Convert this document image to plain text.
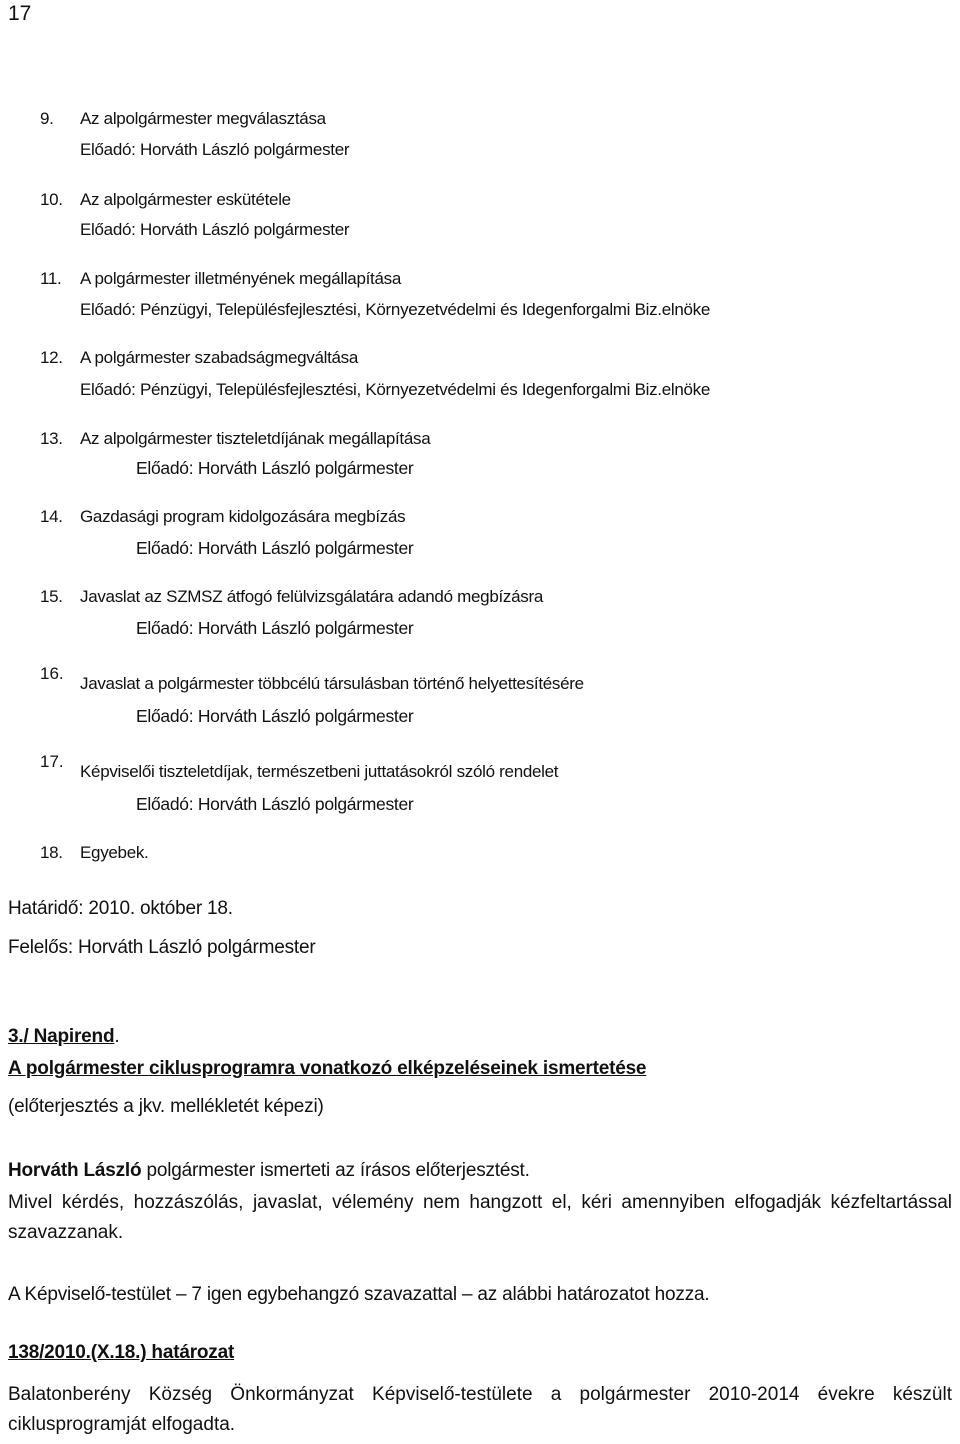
17
9. Az alpolgármester megválasztása
Előadó: Horváth László polgármester
10. Az alpolgármester eskütétele
Előadó: Horváth László polgármester
11. A polgármester illetményének megállapítása
Előadó: Pénzügyi, Településfejlesztési, Környezetvédelmi és Idegenforgalmi Biz.elnöke
12. A polgármester szabadságmegváltása
Előadó: Pénzügyi, Településfejlesztési, Környezetvédelmi és Idegenforgalmi Biz.elnöke
13. Az alpolgármester tiszteletdíjának megállapítása
Előadó: Horváth László polgármester
14. Gazdasági program kidolgozására megbízás
Előadó: Horváth László polgármester
15. Javaslat az SZMSZ átfogó felülvizsgálatára adandó megbízásra
Előadó: Horváth László polgármester
16.
Javaslat a polgármester többcélú társulásban történő helyettesítésére
Előadó: Horváth László polgármester
17.
Képviselői tiszteletdíjak, természetbeni juttatásokról szóló rendelet
Előadó: Horváth László polgármester
18. Egyebek.
Határidő: 2010. október 18.
Felelős: Horváth László polgármester
3./ Napirend.
A polgármester ciklusprogramra vonatkozó elképzeléseinek ismertetése
(előterjesztés a jkv. mellékletét képezi)
Horváth László polgármester ismerteti az írásos előterjesztést.
Mivel kérdés, hozzászólás, javaslat, vélemény nem hangzott el, kéri amennyiben elfogadják kézfeltartással szavazzanak.
A Képviselő-testület – 7 igen egybehangzó szavazattal – az alábbi határozatot hozza.
138/2010.(X.18.) határozat
Balatonberény Község Önkormányzat Képviselő-testülete a polgármester 2010-2014 évekre készült ciklusprogramját elfogadta.
